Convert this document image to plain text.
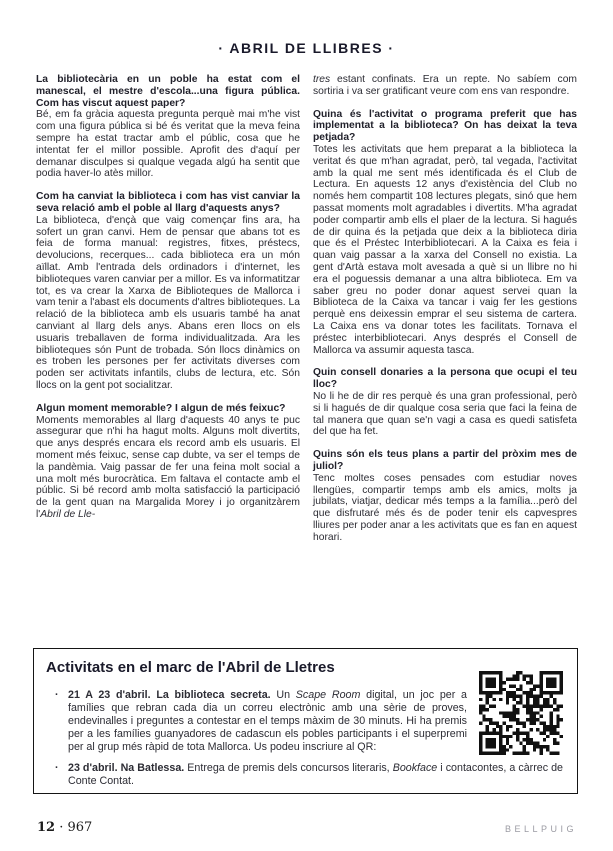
· ABRIL DE LLIBRES ·

La bibliotecària en un poble ha estat com el manescal, el mestre d'escola...una figura pública. Com has viscut aquest paper?

Bé, em fa gràcia aquesta pregunta perquè mai m'he vist com una figura pública si bé és veritat que la meva feina sempre ha estat tractar amb el públic, cosa que he intentat fer el millor possible. Aprofit des d'aquí per demanar disculpes si qualque vegada algú ha sentit que podia haver-lo atès millor.

Com ha canviat la biblioteca i com has vist canviar la seva relació amb el poble al llarg d'aquests anys?

La biblioteca, d'ençà que vaig començar fins ara, ha sofert un gran canvi. Hem de pensar que abans tot es feia de forma manual: registres, fitxes, préstecs, devolucions, recerques... cada biblioteca era un món aïllat. Amb l'entrada dels ordinadors i d'internet, les biblioteques varen canviar per a millor. Es va informatitzar tot, es va crear la Xarxa de Biblioteques de Mallorca i vam tenir a l'abast els documents d'altres biblioteques. La relació de la biblioteca amb els usuaris també ha anat canviant al llarg dels anys. Abans eren llocs on els usuaris treballaven de forma individualitzada. Ara les biblioteques són Punt de trobada. Són llocs dinàmics on es troben les persones per fer activitats diverses com poden ser activitats infantils, clubs de lectura, etc. Són llocs on la gent pot socialitzar.

Algun moment memorable? I algun de més feixuc?

Moments memorables al llarg d'aquests 40 anys te puc assegurar que n'hi ha hagut molts. Alguns molt divertits, que anys després encara els record amb els usuaris. El moment més feixuc, sense cap dubte, va ser el temps de la pandèmia. Vaig passar de fer una feina molt social a una molt més burocràtica. Em faltava el contacte amb el públic. Si bé record amb molta satisfacció la participació de la gent quan na Margalida Morey i jo organitzàrem l'Abril de Lle-

tres estant confinats. Era un repte. No sabíem com sortiria i va ser gratificant veure com ens van respondre.

Quina és l'activitat o programa preferit que has implementat a la biblioteca? On has deixat la teva petjada?

Totes les activitats que hem preparat a la biblioteca la veritat és que m'han agradat, però, tal vegada, l'activitat amb la qual me sent més identificada és el Club de Lectura. En aquests 12 anys d'existència del Club no només hem compartit 108 lectures plegats, sinó que hem passat moments molt agradables i divertits. M'ha agradat poder compartir amb ells el plaer de la lectura. Si hagués de dir quina és la petjada que deix a la biblioteca diria que és el Préstec Interbibliotecari. A la Caixa es feia i quan vaig passar a la xarxa del Consell no existia. La gent d'Artà estava molt avesada a què si un llibre no hi era el poguessis demanar a una altra biblioteca. Em va saber greu no poder donar aquest servei quan la Biblioteca de la Caixa va tancar i vaig fer les gestions perquè ens deixessin emprar el seu sistema de cartera. La Caixa ens va donar totes les facilitats. Tornava el préstec interbibliotecari. Anys després el Consell de Mallorca va assumir aquesta tasca.

Quin consell donaries a la persona que ocupi el teu lloc?

No li he de dir res perquè és una gran professional, però si li hagués de dir qualque cosa seria que faci la feina de tal manera que quan se'n vagi a casa es quedi satisfeta del que ha fet.

Quins són els teus plans a partir del pròxim mes de juliol?

Tenc moltes coses pensades com estudiar noves llengües, compartir temps amb els amics, molts ja jubilats, viatjar, dedicar més temps a la família...però del que disfrutaré més és de poder tenir els capvespres lliures per poder anar a les activitats que es fan en aquest horari.

Activitats en el marc de l'Abril de Lletres
· 21 A 23 d'abril. La biblioteca secreta. Un Scape Room digital, un joc per a famílies que rebran cada dia un correu electrònic amb una sèrie de proves, endevinalles i preguntes a contestar en el temps màxim de 30 minuts. Hi ha premis per a les famílies guanyadores de cadascun els pobles participants i el superpremi per al grup més ràpid de tota Mallorca. Us podeu inscriure al QR:
· 23 d'abril. Na Batlessa. Entrega de premis dels concursos literaris, Bookface i contacontes, a càrrec de Conte Contat.
12 · 967	BELLPUIG
